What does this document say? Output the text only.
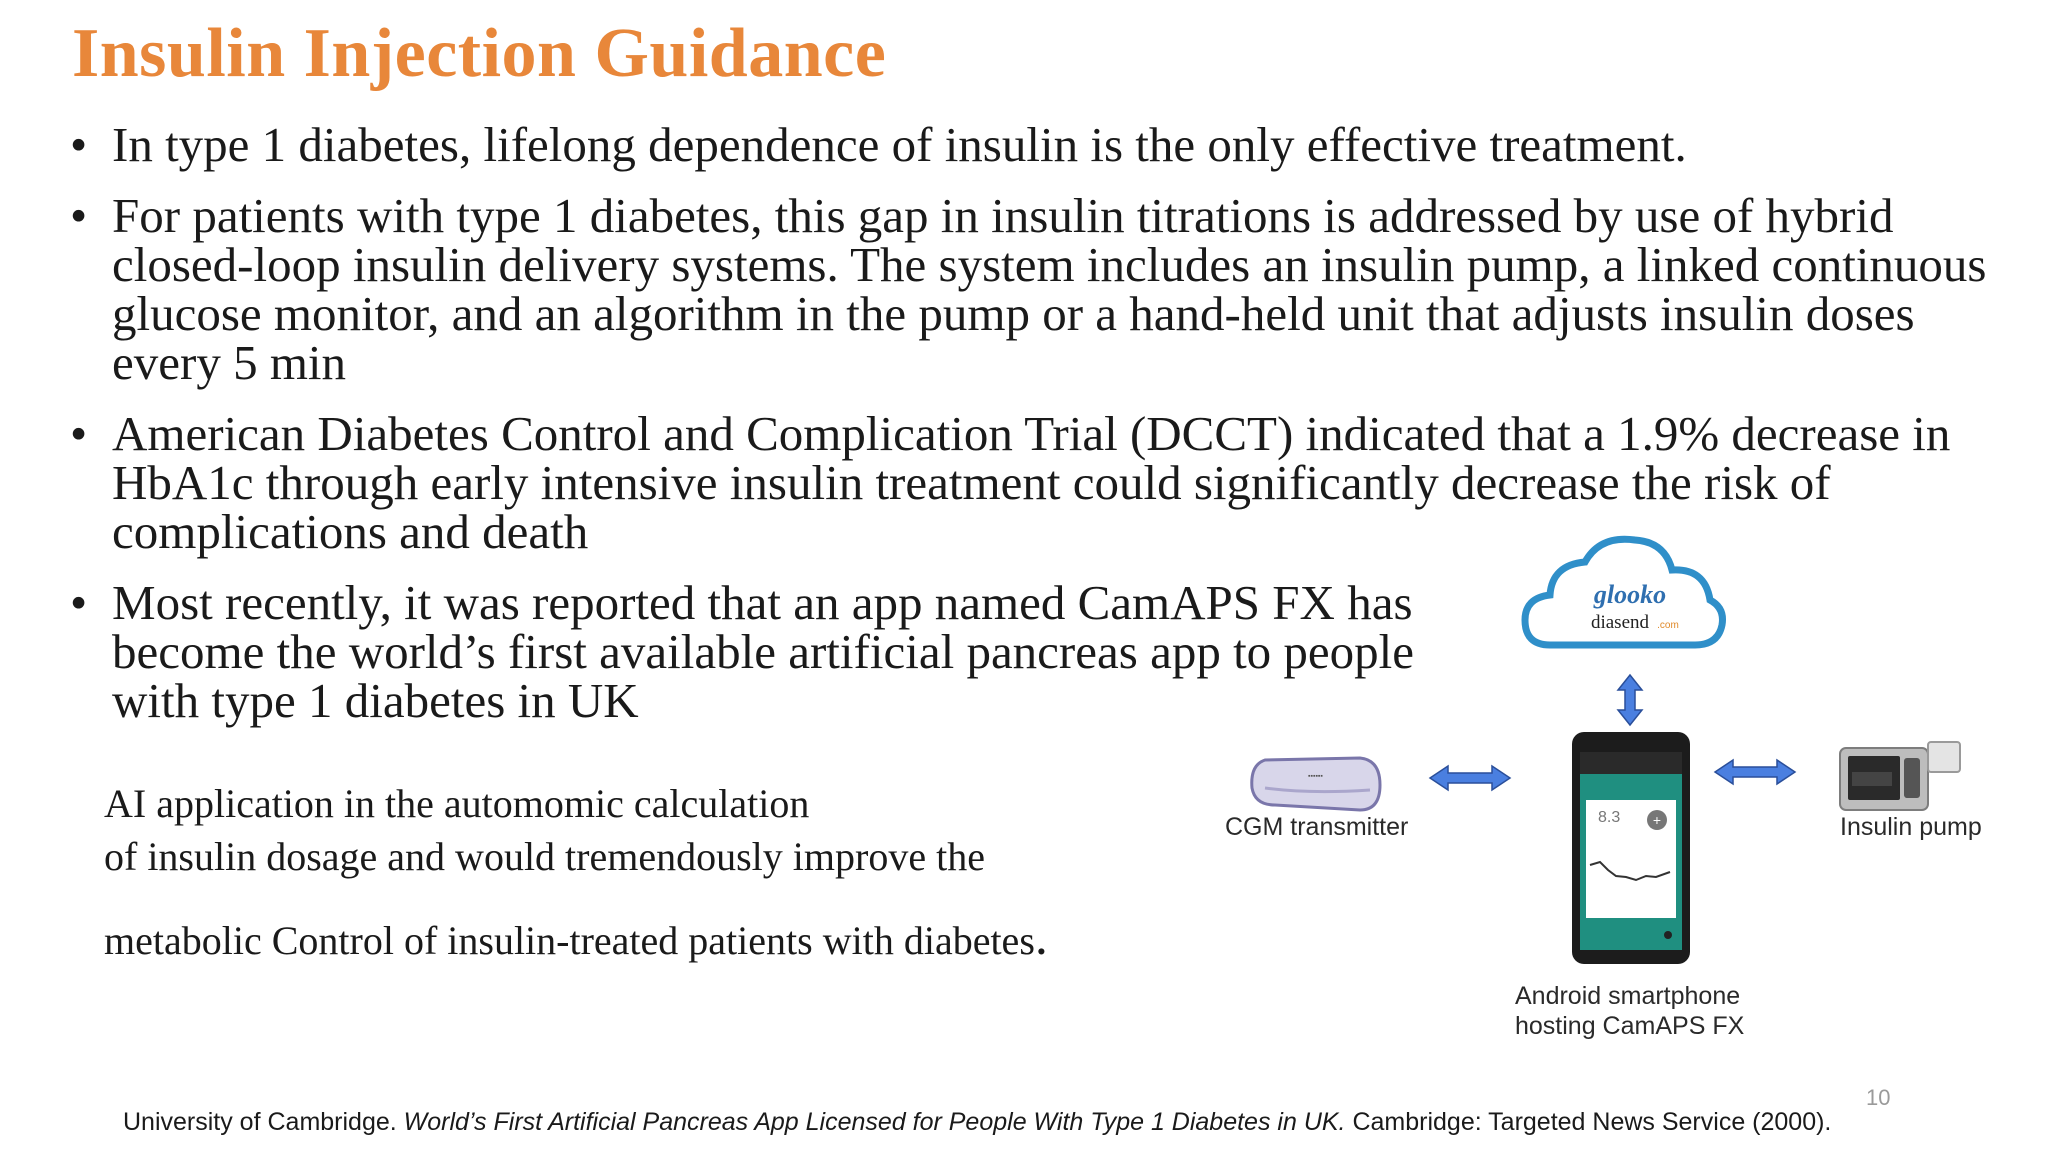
Insulin Injection Guidance
• In type 1 diabetes, lifelong dependence of insulin is the only effective treatment.
• For patients with type 1 diabetes, this gap in insulin titrations is addressed by use of hybrid closed-loop insulin delivery systems. The system includes an insulin pump, a linked continuous glucose monitor, and an algorithm in the pump or a hand-held unit that adjusts insulin doses every 5 min
• American Diabetes Control and Complication Trial (DCCT) indicated that a 1.9% decrease in HbA1c through early intensive insulin treatment could significantly decrease the risk of complications and death
• Most recently, it was reported that an app named CamAPS FX has become the world’s first available artificial pancreas app to people with type 1 diabetes in UK
AI application in the automomic calculation
of insulin dosage and would tremendously improve the
metabolic Control of insulin-treated patients with diabetes.
glooko
diasend .com
▪▪▪▪▪▪
8.3 +
CGM transmitter	Insulin pump
Android smartphone
hosting CamAPS FX
10
University of Cambridge. World’s First Artificial Pancreas App Licensed for People With Type 1 Diabetes in UK. Cambridge: Targeted News Service (2000).
